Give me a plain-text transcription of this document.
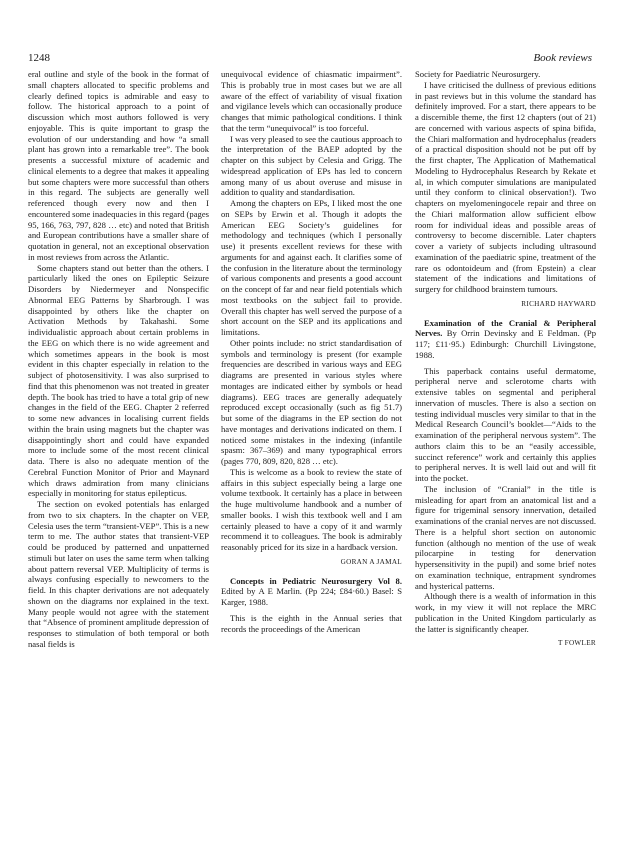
1248	Book reviews

eral outline and style of the book in the format of small chapters allocated to specific problems and clearly defined topics is admirable and easy to follow. The historical approach to a point of discussion which most authors followed is very enjoyable. This is quite important to grasp the evolution of our understanding and how “a small plant has grown into a remarkable tree”. The book presents a successful mixture of academic and clinical elements to a degree that makes it appealing but some chapters were more successful than others in this regard. The subjects are generally well referenced though every now and then I encountered some inadequacies in this regard (pages 95, 166, 763, 797, 828 … etc) and noted that British and European contributions have a smaller share of quotation in general, not an exceptional observation in most reviews from across the Atlantic.

Some chapters stand out better than the others. I particularly liked the ones on Epileptic Seizure Disorders by Niedermeyer and Nonspecific Abnormal EEG Patterns by Sharbrough. I was disappointed by others like the chapter on Activation Methods by Takahashi. Some individualistic approach about certain problems in the EEG on which there is no wide agreement and which sometimes appears in the book is most evident in this chapter especially in relation to the subject of photosensitivity. I was also surprised to find that this phenomenon was not treated in greater depth. The book has tried to have a total grip of new changes in the field of the EEG. Chapter 2 referred to some new advances in localising current fields within the brain using magnets but the chapter was disappointingly short and could have expanded more to include some of the most recent clinical data. There is also no adequate mention of the Cerebral Function Monitor of Prior and Maynard which draws admiration from many clinicians especially in monitoring for status epilepticus.

The section on evoked potentials has enlarged from two to six chapters. In the chapter on VEP, Celesia uses the term “transient-VEP”. This is a new term to me. The author states that transient-VEP could be produced by patterned and unpatterned stimuli but later on uses the same term when talking about pattern reversal VEP. Multiplicity of terms is always confusing especially to newcomers to the field. In this chapter derivations are not adequately shown on the diagrams nor explained in the text. Many people would not agree with the statement that “Absence of prominent amplitude depression of responses to stimulation of both temporal or both nasal fields is

unequivocal evidence of chiasmatic impairment”. This is probably true in most cases but we are all aware of the effect of variability of visual fixation and vigilance levels which can occasionally produce changes that mimic pathological conditions. I think that the term “unequivocal” is too forceful.

I was very pleased to see the cautious approach to the interpretation of the BAEP adopted by the chapter on this subject by Celesia and Grigg. The widespread application of EPs has led to concern among many of us about overuse and misuse in addition to quality and standardisation.

Among the chapters on EPs, I liked most the one on SEPs by Erwin et al. Though it adopts the American EEG Society’s guidelines for methodology and techniques (which I personally use) it presents excellent reviews for these with arguments for and against each. It clarifies some of the confusion in the literature about the terminology of various components and presents a good account on the concept of far and near field potentials which most textbooks on the subject fail to provide. Overall this chapter has well served the purpose of a short account on the SEP and its applications and limitations.

Other points include: no strict standardisation of symbols and terminology is present (for example frequencies are described in various ways and EEG diagrams are presented in various styles where montages are indicated either by symbols or head diagrams). EEG traces are generally adequately reproduced except occasionally (such as fig 51.7) but some of the diagrams in the EP section do not have montages and derivations indicated on them. I noticed some mistakes in the indexing (infantile spasm: 367–369) and many typographical errors (pages 770, 809, 820, 828 … etc).

This is welcome as a book to review the state of affairs in this subject especially being a large one volume textbook. It certainly has a place in between the huge multivolume handbook and a number of smaller books. I wish this textbook well and I am certainly pleased to have a copy of it and warmly recommend it to colleagues. The book is admirably reasonably priced for its size in a hardback version.

GORAN A JAMAL

Concepts in Pediatric Neurosurgery Vol 8. Edited by A E Marlin. (Pp 224; £84·60.) Basel: S Karger, 1988.

This is the eighth in the Annual series that records the proceedings of the American

Society for Paediatric Neurosurgery.

I have criticised the dullness of previous editions in past reviews but in this volume the standard has definitely improved. For a start, there appears to be a discernible theme, the first 12 chapters (out of 21) are concerned with various aspects of spina bifida, the Chiari malformation and hydrocephalus (readers of a practical disposition should not be put off by the first chapter, The Application of Mathematical Modeling to Hydrocephalus Research by Rekate et al, in which computer simulations are manipulated until they conform to clinical observation!). Two chapters on myelomeningocele repair and three on the Chiari malformation allow sufficient elbow room for individual ideas and possible areas of controversy to become discernible. Later chapters cover a variety of subjects including ultrasound examination of the paediatric spine, treatment of the rare os odontoideum and (from Epstein) a clear statement of the indications and limitations of surgery for childhood brainstem tumours.

RICHARD HAYWARD

Examination of the Cranial & Peripheral Nerves. By Orrin Devinsky and E Feldman. (Pp 117; £11·95.) Edinburgh: Churchill Livingstone, 1988.

This paperback contains useful dermatome, peripheral nerve and sclerotome charts with extensive tables on segmental and peripheral innervation of muscles. There is also a section on testing individual muscles very similar to that in the Medical Research Council’s booklet—“Aids to the examination of the peripheral nervous system”. The authors claim this to be an “easily accessible, succinct reference” work and certainly this applies to peripheral nerves. It is well laid out and will fit into the pocket.

The inclusion of “Cranial” in the title is misleading for apart from an anatomical list and a figure for trigeminal sensory innervation, detailed examinations of the cranial nerves are not discussed. There is a helpful short section on autonomic function (although no mention of the use of weak pilocarpine in testing for denervation hypersensitivity in the pupil) and some brief notes on examination technique, entrapment syndromes and hysterical patterns.

Although there is a wealth of information in this work, in my view it will not replace the MRC publication in the United Kingdom particularly as the latter is significantly cheaper.

T FOWLER
